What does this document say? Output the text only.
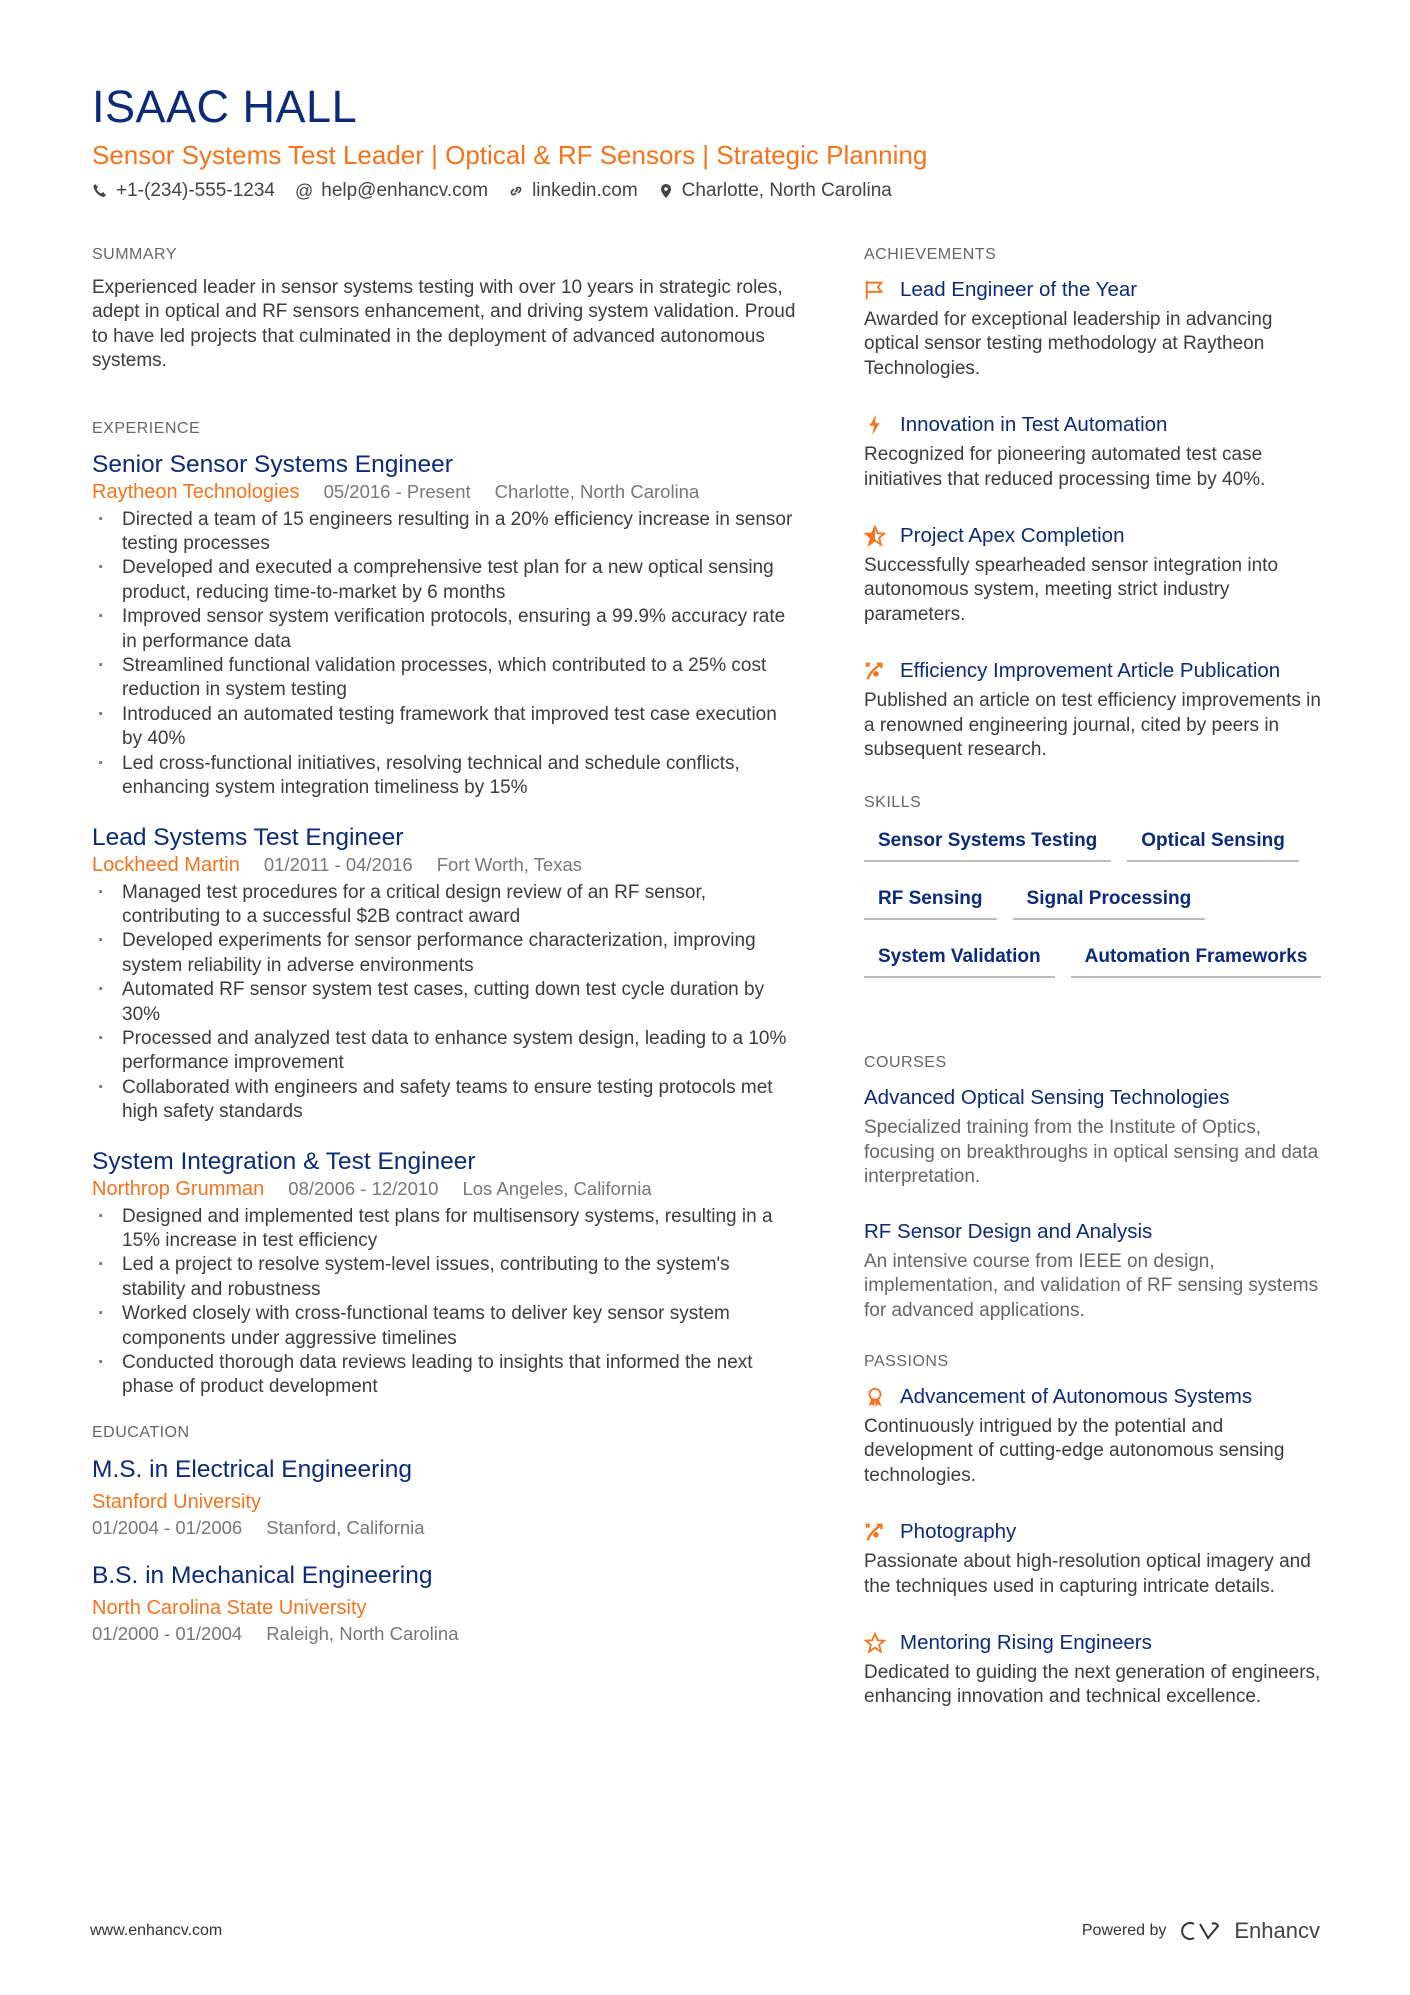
ISAAC HALL
Sensor Systems Test Leader | Optical & RF Sensors | Strategic Planning
+1-(234)-555-1234 @ help@enhancv.com linkedin.com Charlotte, North Carolina
SUMMARY

Experienced leader in sensor systems testing with over 10 years in strategic roles, adept in optical and RF sensors enhancement, and driving system validation. Proud to have led projects that culminated in the deployment of advanced autonomous systems.

EXPERIENCE
Senior Sensor Systems Engineer
Raytheon Technologies 05/2016 - Present Charlotte, North Carolina
· Directed a team of 15 engineers resulting in a 20% efficiency increase in sensor testing processes
· Developed and executed a comprehensive test plan for a new optical sensing product, reducing time-to-market by 6 months
· Improved sensor system verification protocols, ensuring a 99.9% accuracy rate in performance data
· Streamlined functional validation processes, which contributed to a 25% cost reduction in system testing
· Introduced an automated testing framework that improved test case execution by 40%
· Led cross-functional initiatives, resolving technical and schedule conflicts, enhancing system integration timeliness by 15%
Lead Systems Test Engineer
Lockheed Martin 01/2011 - 04/2016 Fort Worth, Texas
· Managed test procedures for a critical design review of an RF sensor, contributing to a successful $2B contract award
· Developed experiments for sensor performance characterization, improving system reliability in adverse environments
· Automated RF sensor system test cases, cutting down test cycle duration by 30%
· Processed and analyzed test data to enhance system design, leading to a 10% performance improvement
· Collaborated with engineers and safety teams to ensure testing protocols met high safety standards
System Integration & Test Engineer
Northrop Grumman 08/2006 - 12/2010 Los Angeles, California
· Designed and implemented test plans for multisensory systems, resulting in a 15% increase in test efficiency
· Led a project to resolve system-level issues, contributing to the system's stability and robustness
· Worked closely with cross-functional teams to deliver key sensor system components under aggressive timelines
· Conducted thorough data reviews leading to insights that informed the next phase of product development
EDUCATION
M.S. in Electrical Engineering
Stanford University
01/2004 - 01/2006 Stanford, California
B.S. in Mechanical Engineering
North Carolina State University
01/2000 - 01/2004 Raleigh, North Carolina
ACHIEVEMENTS
Lead Engineer of the Year

Awarded for exceptional leadership in advancing optical sensor testing methodology at Raytheon Technologies.

Innovation in Test Automation

Recognized for pioneering automated test case initiatives that reduced processing time by 40%.

Project Apex Completion

Successfully spearheaded sensor integration into autonomous system, meeting strict industry parameters.

Efficiency Improvement Article Publication

Published an article on test efficiency improvements in a renowned engineering journal, cited by peers in subsequent research.

SKILLS
Sensor Systems Testing	Optical Sensing
RF Sensing	Signal Processing
System Validation	Automation Frameworks
COURSES
Advanced Optical Sensing Technologies

Specialized training from the Institute of Optics, focusing on breakthroughs in optical sensing and data interpretation.

RF Sensor Design and Analysis

An intensive course from IEEE on design, implementation, and validation of RF sensing systems for advanced applications.

PASSIONS
Advancement of Autonomous Systems

Continuously intrigued by the potential and development of cutting-edge autonomous sensing technologies.

Photography

Passionate about high-resolution optical imagery and the techniques used in capturing intricate details.

Mentoring Rising Engineers

Dedicated to guiding the next generation of engineers, enhancing innovation and technical excellence.

www.enhancv.com	Powered by	Enhancv
